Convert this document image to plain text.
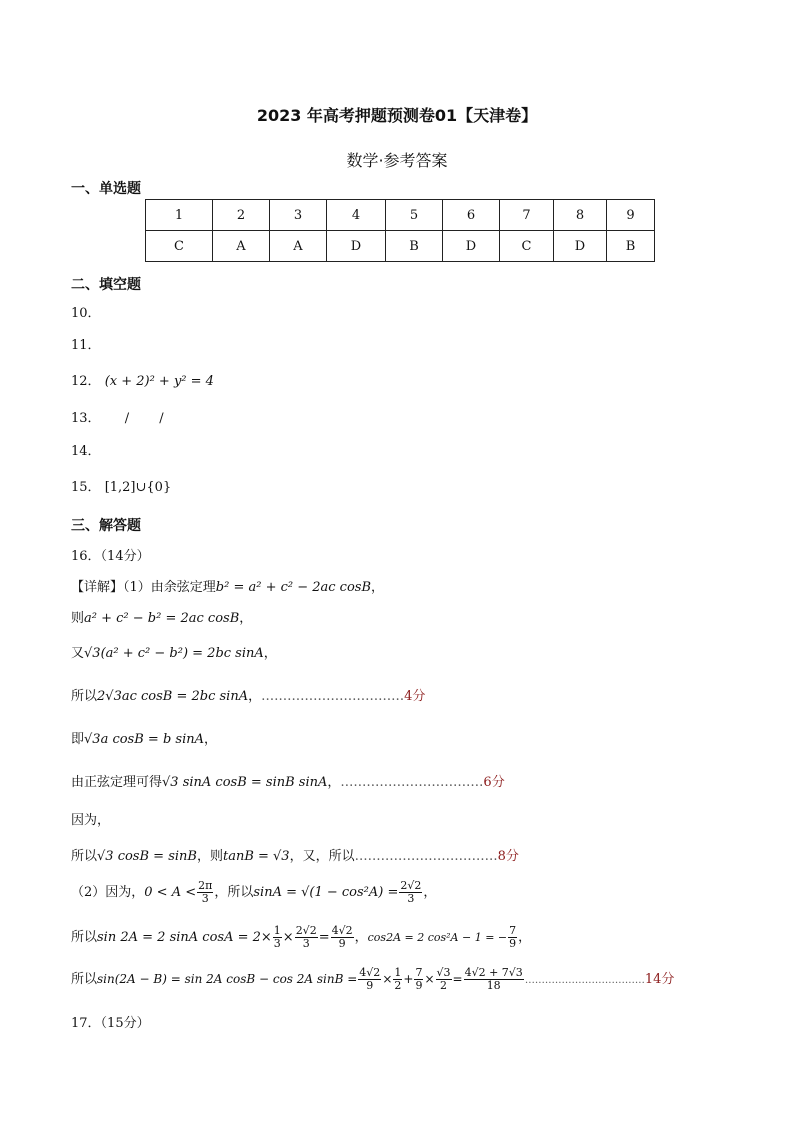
2023 年高考押题预测卷01【天津卷】
数学·参考答案
一、单选题
1	2	3	4	5	6	7	8	9
C	A	A	D	B	D	C	D	B
二、填空题
10．
11．
12． (x + 2)² + y² = 4
13． /　　 /
14．
15． [1,2]∪{0}
三、解答题
16．（14分）
【详解】（1）由余弦定理b² = a² + c² − 2ac cosB，
则a² + c² − b² = 2ac cosB，
又√3(a² + c² − b²) = 2bc sinA，
所以2√3ac cosB = 2bc sinA，……………………………4分
即√3a cosB = b sinA，
由正弦定理可得√3 sinA cosB = sinB sinA，……………………………6分
因为，
所以√3 cosB = sinB，则tanB = √3，又，所以……………………………8分
（2）因为，$0 < A < \frac{2\pi}{3}$ ，所以$\sin A = √(1 - \cos^2A) = \frac{2√2}{3}$ ，
所以sin 2A = 2 sinA $\cos A = 2\times \frac{1}{3} \times \frac{2√2}{3} = \frac{4√2}{9}$ ，cos2A = 2 cos²A − 1 = − $\frac{7}{9}$ ，
所以sin(2A − B) = sin 2A cosB − cos 2A $\sin B = \frac{4√2}{9} \times \frac{1}{2} + \frac{7}{9} \times \frac{√3}{2} = \frac{4√2 + 7√3}{18}$ ………………………………14分
17．（15分）
